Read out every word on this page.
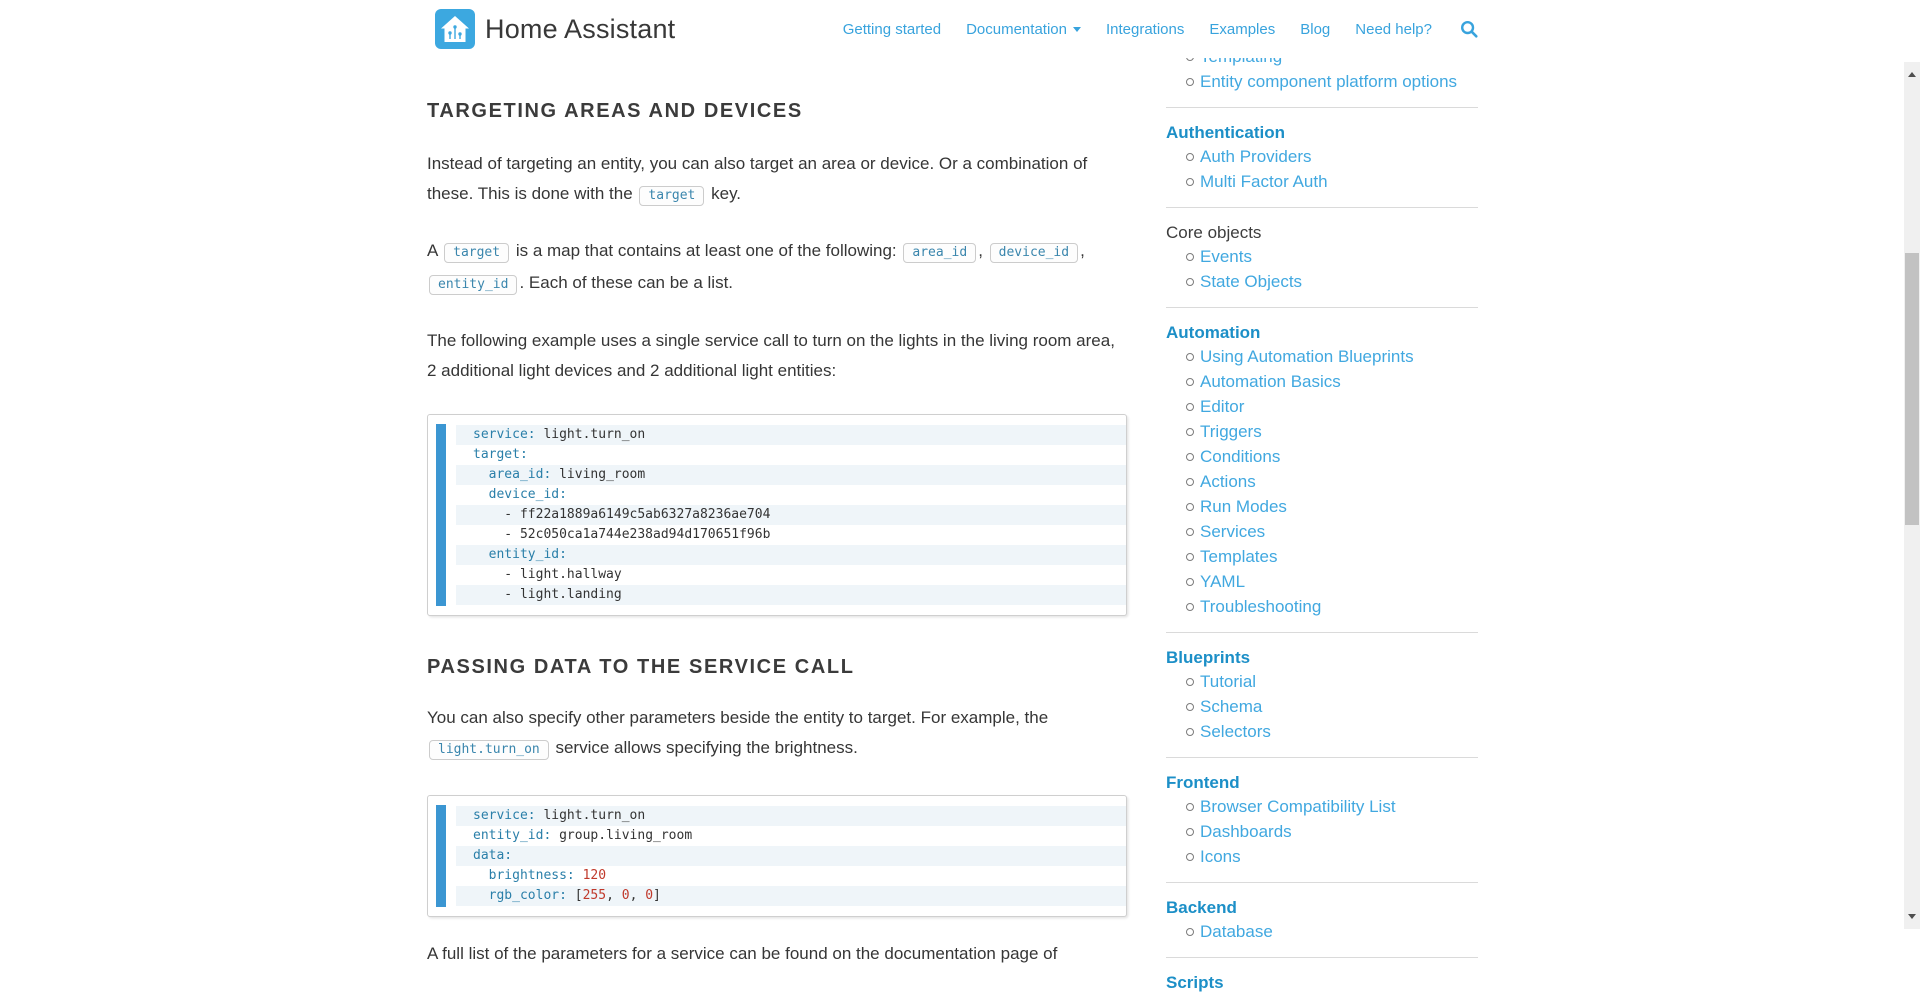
Entity component platform options
Authentication
Auth Providers
Multi Factor Auth
Core objects
Events
State Objects
Automation
Using Automation Blueprints
Automation Basics
Editor
Triggers
Conditions
Actions
Run Modes
Services
Templates
YAML
Troubleshooting
Blueprints
Tutorial
Schema
Selectors
Frontend
Browser Compatibility List
Dashboards
Icons
Backend
Database
Scripts
Home Assistant	Getting started Documentation	Integrations Examples Blog Need help?
TARGETING AREAS AND DEVICES

Instead of targeting an entity, you can also target an area or device. Or a combination of these. This is done with the target key.

A target is a map that contains at least one of the following: area_id , device_id , entity_id . Each of these can be a list.

The following example uses a single service call to turn on the lights in the living room area, 2 additional light devices and 2 additional light entities:

service: light.turn_on
target:
area_id: living_room
device_id:
- ff22a1889a6149c5ab6327a8236ae704
- 52c050ca1a744e238ad94d170651f96b
entity_id:
- light.hallway
- light.landing
PASSING DATA TO THE SERVICE CALL

You can also specify other parameters beside the entity to target. For example, the light.turn_on service allows specifying the brightness.

service: light.turn_on
entity_id: group.living_room
data:
brightness: 120
rgb_color: [255, 0, 0]

A full list of the parameters for a service can be found on the documentation page of
